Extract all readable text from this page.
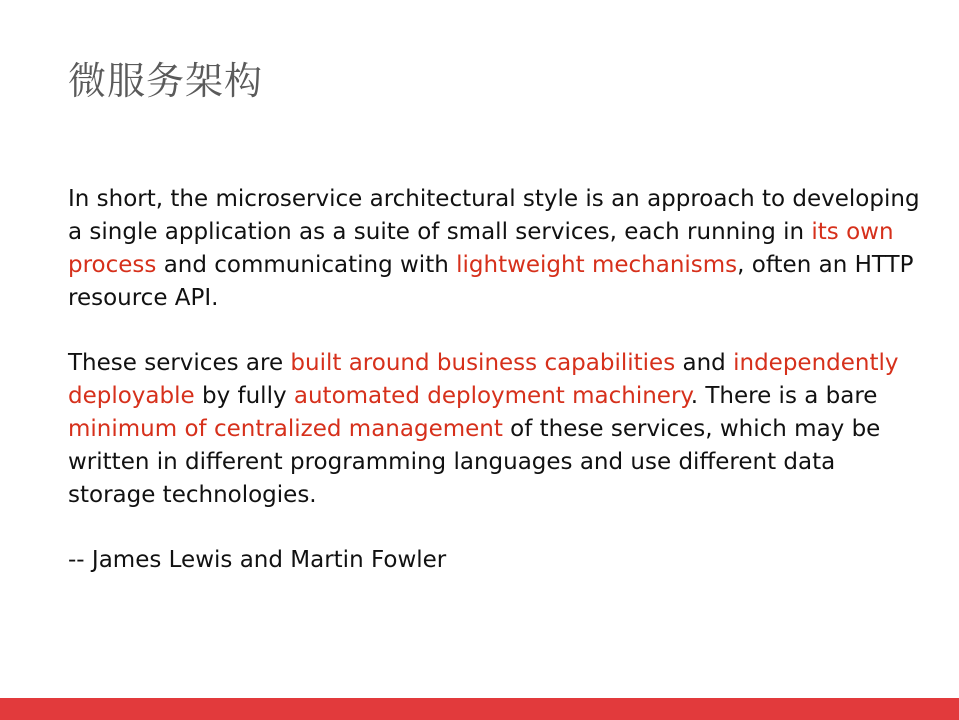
微服务架构

In short, the microservice architectural style is an approach to developing a single application as a suite of small services, each running in its own process and communicating with lightweight mechanisms, often an HTTP resource API.

These services are built around business capabilities and independently deployable by fully automated deployment machinery. There is a bare minimum of centralized management of these services, which may be written in different programming languages and use different data storage technologies.

-- James Lewis and Martin Fowler
